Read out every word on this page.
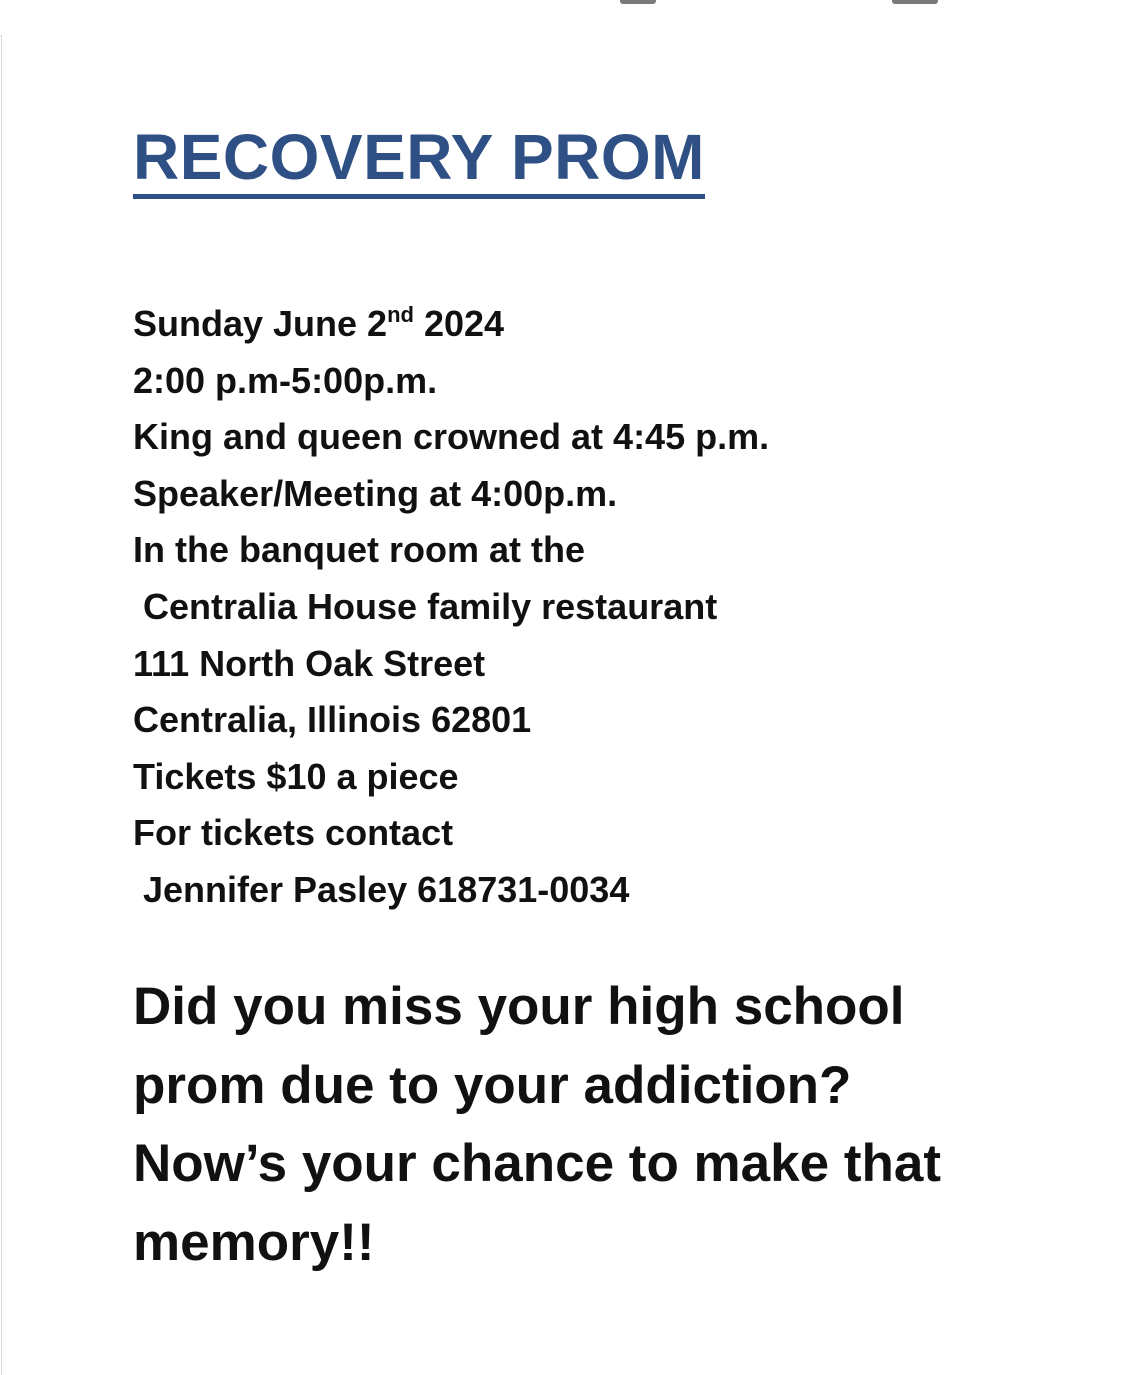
RECOVERY PROM
Sunday June 2nd 2024
2:00 p.m-5:00p.m.
King and queen crowned at 4:45 p.m.
Speaker/Meeting at 4:00p.m.
In the banquet room at the
Centralia House family restaurant
111 North Oak Street
Centralia, Illinois 62801
Tickets $10 a piece
For tickets contact
Jennifer Pasley 618731-0034
Did you miss your high school
prom due to your addiction?
Now’s your chance to make that
memory!!
